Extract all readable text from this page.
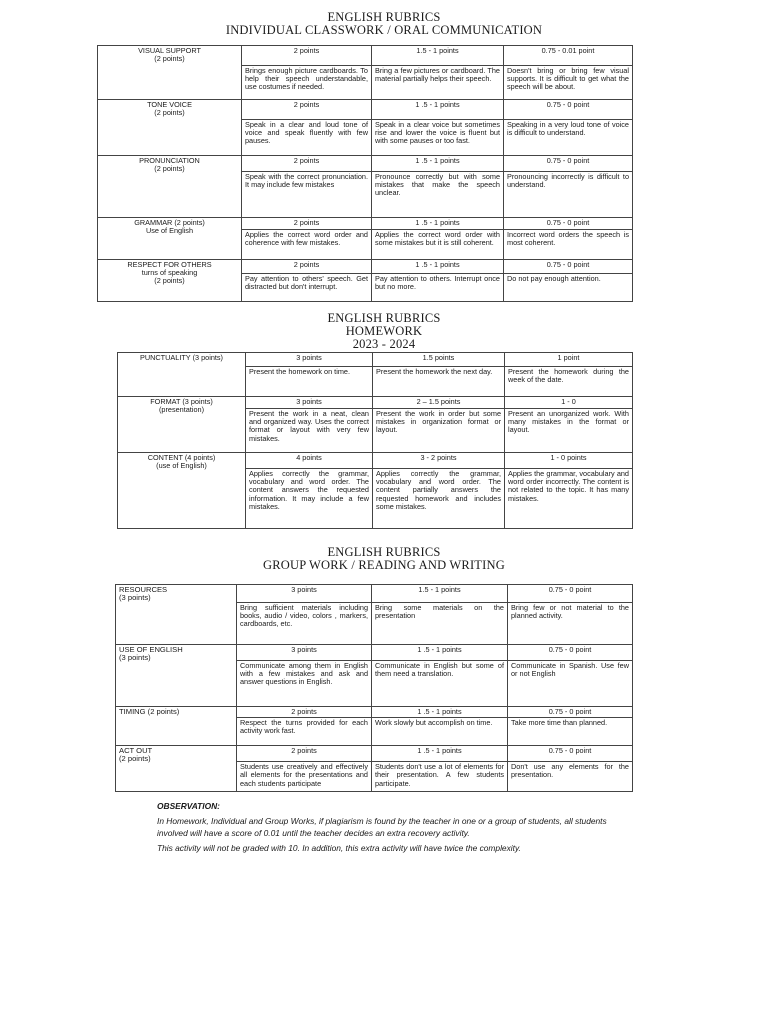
ENGLISH RUBRICS
INDIVIDUAL CLASSWORK / ORAL COMMUNICATION
VISUAL SUPPORT
(2 points)	2 points	1.5 - 1 points	0.75 - 0.01 point
	Brings enough picture cardboards. To help their speech understandable, use costumes if needed.	Bring a few pictures or cardboard. The material partially helps their speech.	Doesn't bring or bring few visual supports. It is difficult to get what the speech will be about.
TONE VOICE
(2 points)	2 points	1 .5 - 1 points	0.75 - 0 point
	Speak in a clear and loud tone of voice and speak fluently with few pauses.	Speak in a clear voice but sometimes rise and lower the voice is fluent but with some pauses or too fast.	Speaking in a very loud tone of voice is difficult to understand.
PRONUNCIATION
(2 points)	2 points	1 .5 - 1 points	0.75 - 0 point
	Speak with the correct pronunciation. It may include few mistakes	Pronounce correctly but with some mistakes that make the speech unclear.	Pronouncing incorrectly is difficult to understand.
GRAMMAR (2 points)
Use of English	2 points	1 .5 - 1 points	0.75 - 0 point
	Applies the correct word order and coherence with few mistakes.	Applies the correct word order with some mistakes but it is still coherent.	Incorrect word orders the speech is most coherent.
RESPECT FOR OTHERS
turns of speaking
(2 points)	2 points	1 .5 - 1 points	0.75 - 0 point
	Pay attention to others' speech. Get distracted but don't interrupt.	Pay attention to others. Interrupt once but no more.	Do not pay enough attention.
ENGLISH RUBRICS
HOMEWORK
2023 - 2024
PUNCTUALITY (3 points)	3 points	1.5 points	1 point
	Present the homework on time.	Present the homework the next day.	Present the homework during the week of the date.
FORMAT (3 points)
(presentation)	3 points	2 – 1.5 points	1 - 0
	Present the work in a neat, clean and organized way. Uses the correct format or layout with very few mistakes.	Present the work in order but some mistakes in organization format or layout.	Present an unorganized work. With many mistakes in the format or layout.
CONTENT (4 points)
(use of English)	4 points	3 - 2 points	1 - 0 points
	Applies correctly the grammar, vocabulary and word order. The content answers the requested information. It may include a few mistakes.	Applies correctly the grammar, vocabulary and word order. The content partially answers the requested homework and includes some mistakes.	Applies the grammar, vocabulary and word order incorrectly. The content is not related to the topic. It has many mistakes.
ENGLISH RUBRICS
GROUP WORK / READING AND WRITING
RESOURCES
(3 points)	3 points	1.5 - 1 points	0.75 - 0 point
	Bring sufficient materials including books, audio / video, colors , markers, cardboards, etc.	Bring some materials on the presentation	Bring few or not material to the planned activity.
USE OF ENGLISH
(3 points)	3 points	1 .5 - 1 points	0.75 - 0 point
	Communicate among them in English with a few mistakes and ask and answer questions in English.	Communicate in English but some of them need a translation.	Communicate in Spanish. Use few or not English
TIMING (2 points)	2 points	1 .5 - 1 points	0.75 - 0 point
	Respect the turns provided for each activity work fast.	Work slowly but accomplish on time.	Take more time than planned.
ACT OUT
(2 points)	2 points	1 .5 - 1 points	0.75 - 0 point
	Students use creatively and effectively all elements for the presentations and each students participate	Students don't use a lot of elements for their presentation. A few students participate.	Don't use any elements for the presentation.
OBSERVATION:

In Homework, Individual and Group Works, if plagiarism is found by the teacher in one or a group of students, all students involved will have a score of 0.01 until the teacher decides an extra recovery activity.

This activity will not be graded with 10. In addition, this extra activity will have twice the complexity.
